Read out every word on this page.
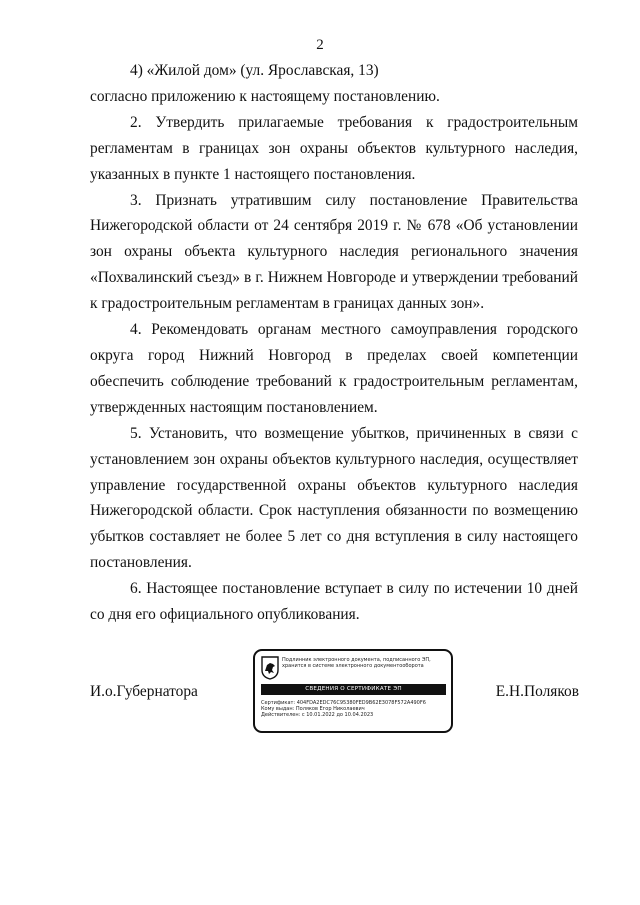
2

4) «Жилой дом» (ул. Ярославская, 13)

согласно приложению к настоящему постановлению.

2. Утвердить прилагаемые требования к градостроительным регламентам в границах зон охраны объектов культурного наследия, указанных в пункте 1 настоящего постановления.

3. Признать утратившим силу постановление Правительства Нижегородской области от 24 сентября 2019 г. № 678 «Об установлении зон охраны объекта культурного наследия регионального значения «Похвалинский съезд» в г. Нижнем Новгороде и утверждении требований к градостроительным регламентам в границах данных зон».

4. Рекомендовать органам местного самоуправления городского округа город Нижний Новгород в пределах своей компетенции обеспечить соблюдение требований к градостроительным регламентам, утвержденных настоящим постановлением.

5. Установить, что возмещение убытков, причиненных в связи с установлением зон охраны объектов культурного наследия, осуществляет управление государственной охраны объектов культурного наследия Нижегородской области. Срок наступления обязанности по возмещению убытков составляет не более 5 лет со дня вступления в силу настоящего постановления.

6. Настоящее постановление вступает в силу по истечении 10 дней со дня его официального опубликования.

И.о.Губернатора	Е.Н.Поляков
Подлинник электронного документа, подписанного ЭП,
хранится в системе электронного документооборота
СВЕДЕНИЯ О СЕРТИФИКАТЕ ЭП
Сертификат: 404FDA2EDC76C95380FED9B62E3078F572A490F6
Кому выдан: Поляков Егор Николаевич
Действителен: с 10.01.2022 до 10.04.2023
